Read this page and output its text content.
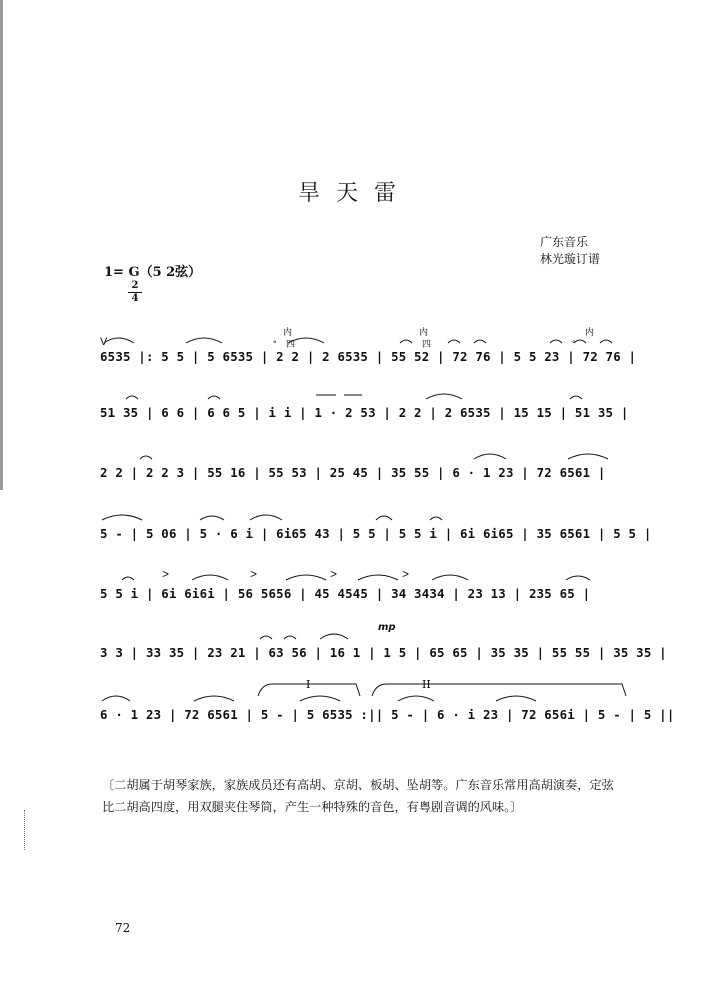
旱天雷
广东音乐
林光璇订谱
1= G（5 2弦）
$\frac{2}{4}$
V
内
四
°
内
四	°
内
6535 |: 5 5 | 5 6535 | 2 2 | 2 6535 | 55 52 | 72 76 | 5 5 23 | 72 76 |
51 35 | 6 6 | 6 6 5 | i i | 1 · 2 53 | 2 2 | 2 6535 | 15 15 | 51 35 |
2 2 | 2 2 3 | 55 16 | 55 53 | 25 45 | 35 55 | 6 · 1 23 | 72 6561 |
5 - | 5 06 | 5 · 6 i | 6i65 43 | 5 5 | 5 5 i | 6i 6i65 | 35 6561 | 5 5 |
5 5 i | 6i 6i6i | 56 5656 | 45 4545 | 34 3434 | 23 13 | 235 65 |
>	>	>	>
mp
3 3 | 33 35 | 23 21 | 63 56 | 16 1 | 1 5 | 65 65 | 35 35 | 55 55 | 35 35 |
I	II
6 · 1 23 | 72 6561 | 5 - | 5 6535 :|| 5 - | 6 · i 23 | 72 656i | 5 - | 5 ||
〔二胡属于胡琴家族，家族成员还有高胡、京胡、板胡、坠胡等。广东音乐常用高胡演奏，定弦比二胡高四度，用双腿夹住琴筒，产生一种特殊的音色，有粤剧音调的风味。〕
72
